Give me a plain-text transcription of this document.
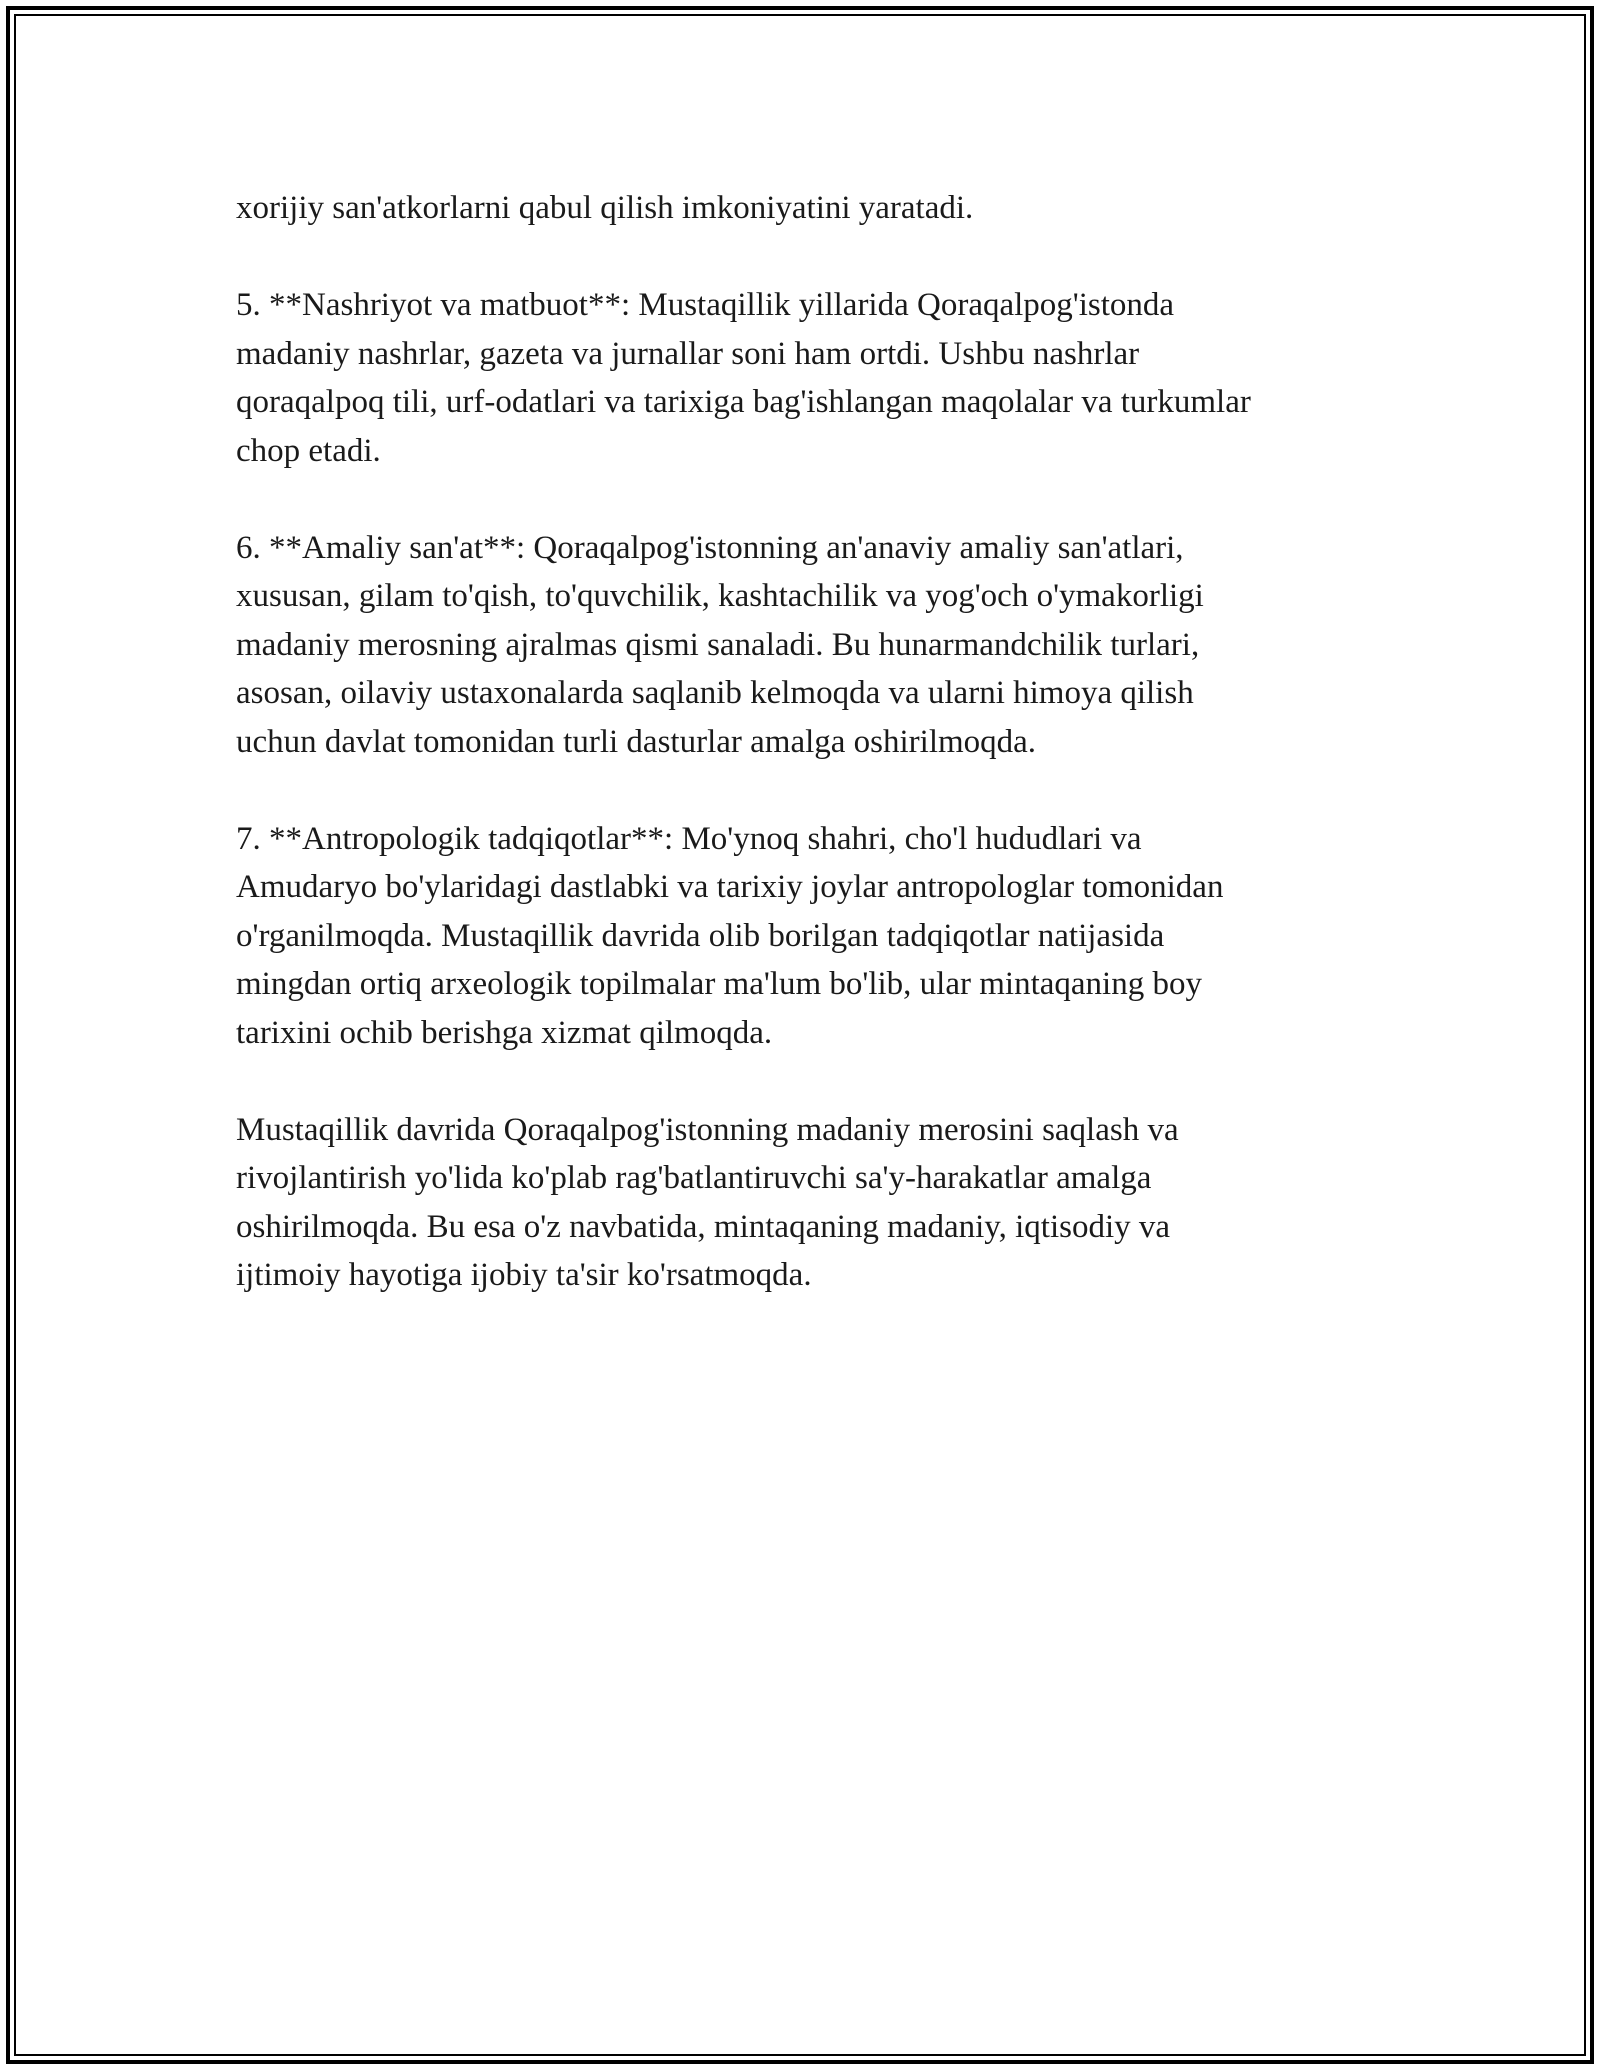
xorijiy san'atkorlarni qabul qilish imkoniyatini yaratadi.

5. **Nashriyot va matbuot**: Mustaqillik yillarida Qoraqalpog'istonda
madaniy nashrlar, gazeta va jurnallar soni ham ortdi. Ushbu nashrlar
qoraqalpoq tili, urf-odatlari va tarixiga bag'ishlangan maqolalar va turkumlar
chop etadi.

6. **Amaliy san'at**: Qoraqalpog'istonning an'anaviy amaliy san'atlari,
xususan, gilam to'qish, to'quvchilik, kashtachilik va yog'och o'ymakorligi
madaniy merosning ajralmas qismi sanaladi. Bu hunarmandchilik turlari,
asosan, oilaviy ustaxonalarda saqlanib kelmoqda va ularni himoya qilish
uchun davlat tomonidan turli dasturlar amalga oshirilmoqda.

7. **Antropologik tadqiqotlar**: Mo'ynoq shahri, cho'l hududlari va
Amudaryo bo'ylaridagi dastlabki va tarixiy joylar antropologlar tomonidan
o'rganilmoqda. Mustaqillik davrida olib borilgan tadqiqotlar natijasida
mingdan ortiq arxeologik topilmalar ma'lum bo'lib, ular mintaqaning boy
tarixini ochib berishga xizmat qilmoqda.

Mustaqillik davrida Qoraqalpog'istonning madaniy merosini saqlash va
rivojlantirish yo'lida ko'plab rag'batlantiruvchi sa'y-harakatlar amalga
oshirilmoqda. Bu esa o'z navbatida, mintaqaning madaniy, iqtisodiy va
ijtimoiy hayotiga ijobiy ta'sir ko'rsatmoqda.
